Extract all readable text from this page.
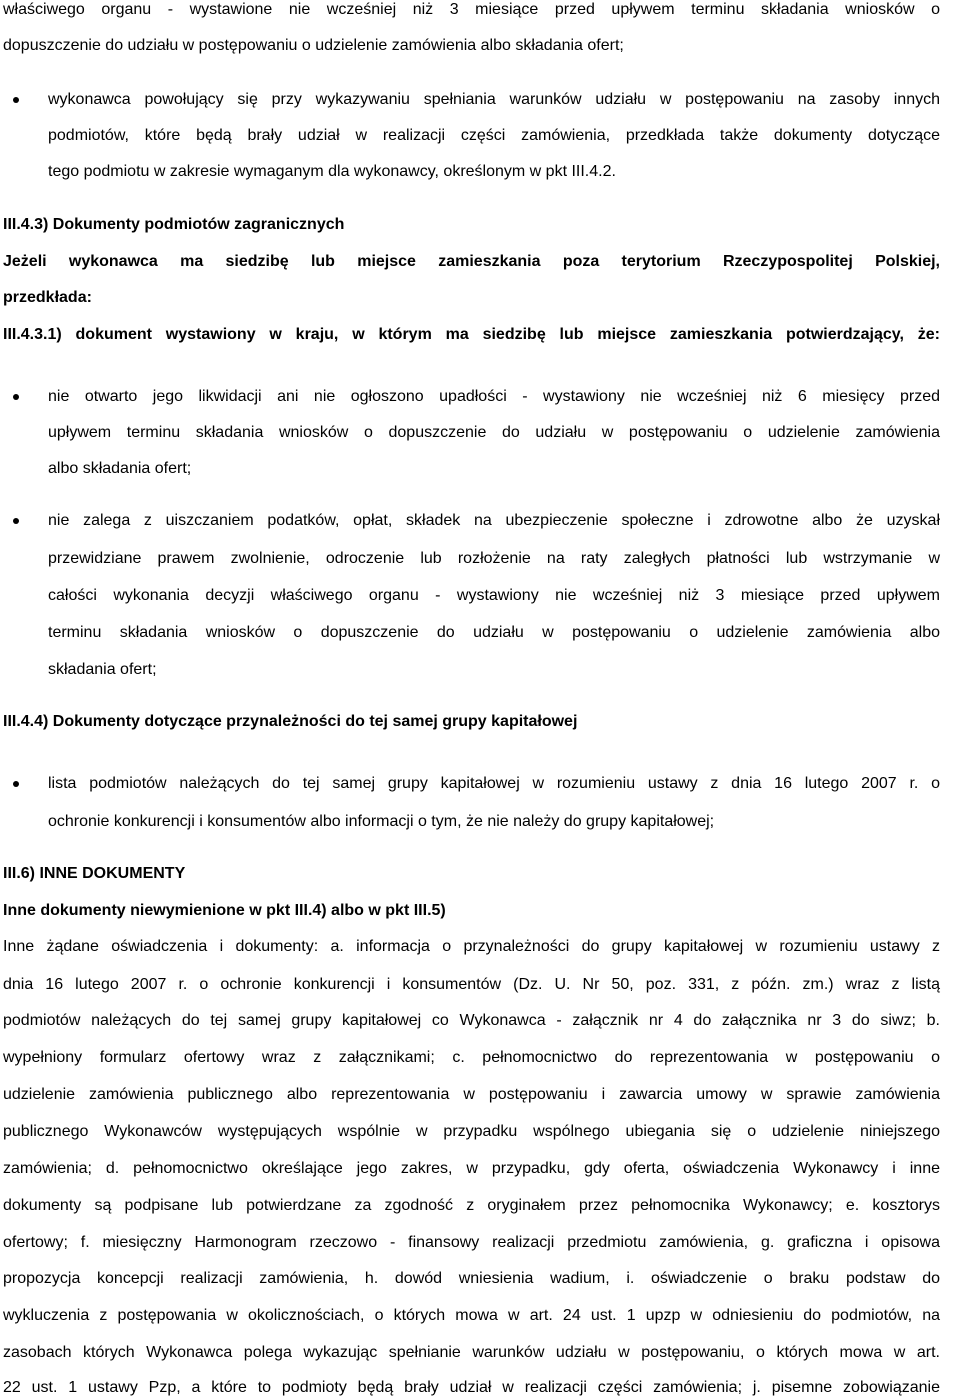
właściwego organu - wystawione nie wcześniej niż 3 miesiące przed upływem terminu składania wniosków o
dopuszczenie do udziału w postępowaniu o udzielenie zamówienia albo składania ofert;
wykonawca powołujący się przy wykazywaniu spełniania warunków udziału w postępowaniu na zasoby innych
podmiotów, które będą brały udział w realizacji części zamówienia, przedkłada także dokumenty dotyczące
tego podmiotu w zakresie wymaganym dla wykonawcy, określonym w pkt III.4.2.
III.4.3) Dokumenty podmiotów zagranicznych
Jeżeli wykonawca ma siedzibę lub miejsce zamieszkania poza terytorium Rzeczypospolitej Polskiej,
przedkłada:
III.4.3.1) dokument wystawiony w kraju, w którym ma siedzibę lub miejsce zamieszkania potwierdzający, że:
nie otwarto jego likwidacji ani nie ogłoszono upadłości - wystawiony nie wcześniej niż 6 miesięcy przed
upływem terminu składania wniosków o dopuszczenie do udziału w postępowaniu o udzielenie zamówienia
albo składania ofert;
nie zalega z uiszczaniem podatków, opłat, składek na ubezpieczenie społeczne i zdrowotne albo że uzyskał
przewidziane prawem zwolnienie, odroczenie lub rozłożenie na raty zaległych płatności lub wstrzymanie w
całości wykonania decyzji właściwego organu - wystawiony nie wcześniej niż 3 miesiące przed upływem
terminu składania wniosków o dopuszczenie do udziału w postępowaniu o udzielenie zamówienia albo
składania ofert;
III.4.4) Dokumenty dotyczące przynależności do tej samej grupy kapitałowej
lista podmiotów należących do tej samej grupy kapitałowej w rozumieniu ustawy z dnia 16 lutego 2007 r. o
ochronie konkurencji i konsumentów albo informacji o tym, że nie należy do grupy kapitałowej;
III.6) INNE DOKUMENTY
Inne dokumenty niewymienione w pkt III.4) albo w pkt III.5)
Inne żądane oświadczenia i dokumenty: a. informacja o przynależności do grupy kapitałowej w rozumieniu ustawy z
dnia 16 lutego 2007 r. o ochronie konkurencji i konsumentów (Dz. U. Nr 50, poz. 331, z późn. zm.) wraz z listą
podmiotów należących do tej samej grupy kapitałowej co Wykonawca - załącznik nr 4 do załącznika nr 3 do siwz; b.
wypełniony formularz ofertowy wraz z załącznikami; c. pełnomocnictwo do reprezentowania w postępowaniu o
udzielenie zamówienia publicznego albo reprezentowania w postępowaniu i zawarcia umowy w sprawie zamówienia
publicznego Wykonawców występujących wspólnie w przypadku wspólnego ubiegania się o udzielenie niniejszego
zamówienia; d. pełnomocnictwo określające jego zakres, w przypadku, gdy oferta, oświadczenia Wykonawcy i inne
dokumenty są podpisane lub potwierdzane za zgodność z oryginałem przez pełnomocnika Wykonawcy; e. kosztorys
ofertowy; f. miesięczny Harmonogram rzeczowo - finansowy realizacji przedmiotu zamówienia, g. graficzna i opisowa
propozycja koncepcji realizacji zamówienia, h. dowód wniesienia wadium, i. oświadczenie o braku podstaw do
wykluczenia z postępowania w okolicznościach, o których mowa w art. 24 ust. 1 upzp w odniesieniu do podmiotów, na
zasobach których Wykonawca polega wykazując spełnianie warunków udziału w postępowaniu, o których mowa w art.
22 ust. 1 ustawy Pzp, a które to podmioty będą brały udział w realizacji części zamówienia; j. pisemne zobowiązanie
